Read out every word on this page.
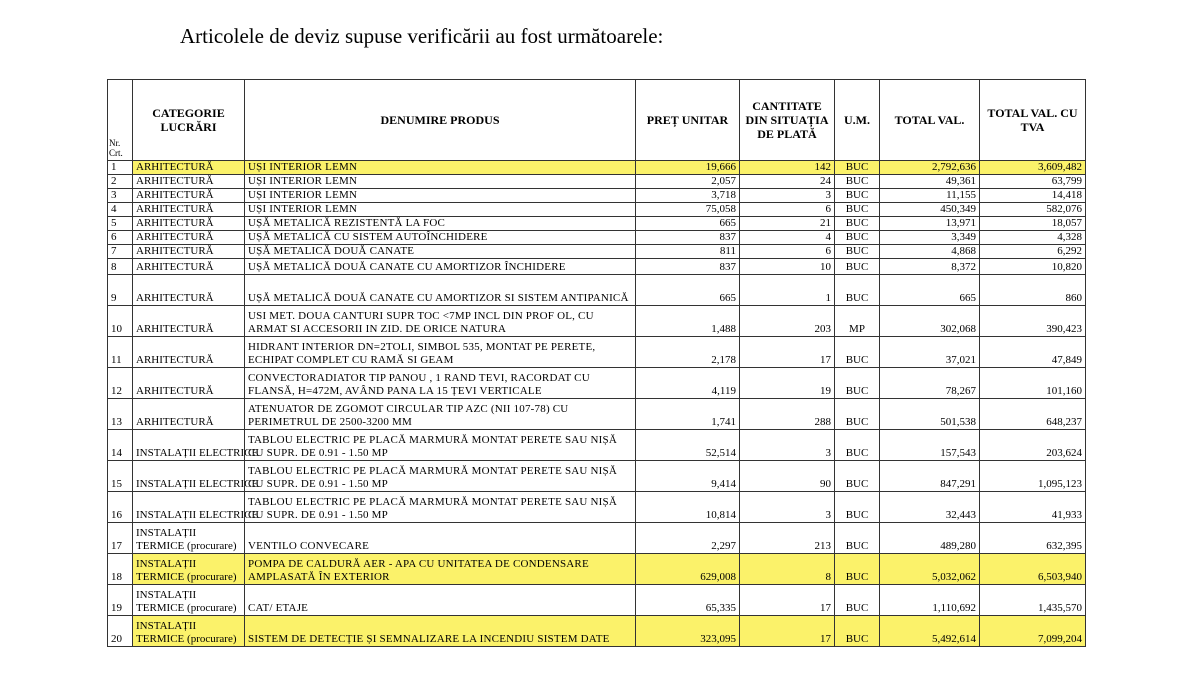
Articolele de deviz supuse verificării au fost următoarele:
Nr. Crt.	CATEGORIE LUCRĂRI	DENUMIRE PRODUS	PREȚ UNITAR	CANTITATE DIN SITUAȚIA DE PLATĂ	U.M.	TOTAL VAL.	TOTAL VAL. CU TVA
1	ARHITECTURĂ	UȘI INTERIOR LEMN	19,666	142	BUC	2,792,636	3,609,482
2	ARHITECTURĂ	UȘI INTERIOR LEMN	2,057	24	BUC	49,361	63,799
3	ARHITECTURĂ	UȘI INTERIOR LEMN	3,718	3	BUC	11,155	14,418
4	ARHITECTURĂ	UȘI INTERIOR LEMN	75,058	6	BUC	450,349	582,076
5	ARHITECTURĂ	UȘĂ METALICĂ REZISTENTĂ LA FOC	665	21	BUC	13,971	18,057
6	ARHITECTURĂ	UȘĂ METALICĂ CU SISTEM AUTOÎNCHIDERE	837	4	BUC	3,349	4,328
7	ARHITECTURĂ	UȘĂ METALICĂ DOUĂ CANATE	811	6	BUC	4,868	6,292
8	ARHITECTURĂ	UȘĂ METALICĂ DOUĂ CANATE CU AMORTIZOR ÎNCHIDERE	837	10	BUC	8,372	10,820
9	ARHITECTURĂ	UȘĂ METALICĂ DOUĂ CANATE CU AMORTIZOR SI SISTEM ANTIPANICĂ	665	1	BUC	665	860
10	ARHITECTURĂ	USI MET. DOUA CANTURI SUPR TOC <7MP INCL DIN PROF OL, CU ARMAT SI ACCESORII IN ZID. DE ORICE NATURA	1,488	203	MP	302,068	390,423
11	ARHITECTURĂ	HIDRANT INTERIOR DN=2TOLI, SIMBOL 535, MONTAT PE PERETE, ECHIPAT COMPLET CU RAMĂ SI GEAM	2,178	17	BUC	37,021	47,849
12	ARHITECTURĂ	CONVECTORADIATOR TIP PANOU , 1 RAND TEVI, RACORDAT CU FLANSĂ, H=472M, AVÂND PANA LA 15 ȚEVI VERTICALE	4,119	19	BUC	78,267	101,160
13	ARHITECTURĂ	ATENUATOR DE ZGOMOT CIRCULAR TIP AZC (NII 107-78) CU PERIMETRUL DE 2500-3200 MM	1,741	288	BUC	501,538	648,237
14	INSTALAȚII ELECTRICE	TABLOU ELECTRIC PE PLACĂ MARMURĂ MONTAT PERETE SAU NIȘĂ CU SUPR. DE 0.91 - 1.50 MP	52,514	3	BUC	157,543	203,624
15	INSTALAȚII ELECTRICE	TABLOU ELECTRIC PE PLACĂ MARMURĂ MONTAT PERETE SAU NIȘĂ CU SUPR. DE 0.91 - 1.50 MP	9,414	90	BUC	847,291	1,095,123
16	INSTALAȚII ELECTRICE	TABLOU ELECTRIC PE PLACĂ MARMURĂ MONTAT PERETE SAU NIȘĂ CU SUPR. DE 0.91 - 1.50 MP	10,814	3	BUC	32,443	41,933
17	INSTALAȚII TERMICE (procurare)	VENTILO CONVECARE	2,297	213	BUC	489,280	632,395
18	INSTALAȚII TERMICE (procurare)	POMPA DE CALDURĂ AER - APA CU UNITATEA DE CONDENSARE AMPLASATĂ ÎN EXTERIOR	629,008	8	BUC	5,032,062	6,503,940
19	INSTALAȚII TERMICE (procurare)	CAT/ ETAJE	65,335	17	BUC	1,110,692	1,435,570
20	INSTALAȚII TERMICE (procurare)	SISTEM DE DETECȚIE ȘI SEMNALIZARE LA INCENDIU SISTEM DATE	323,095	17	BUC	5,492,614	7,099,204
